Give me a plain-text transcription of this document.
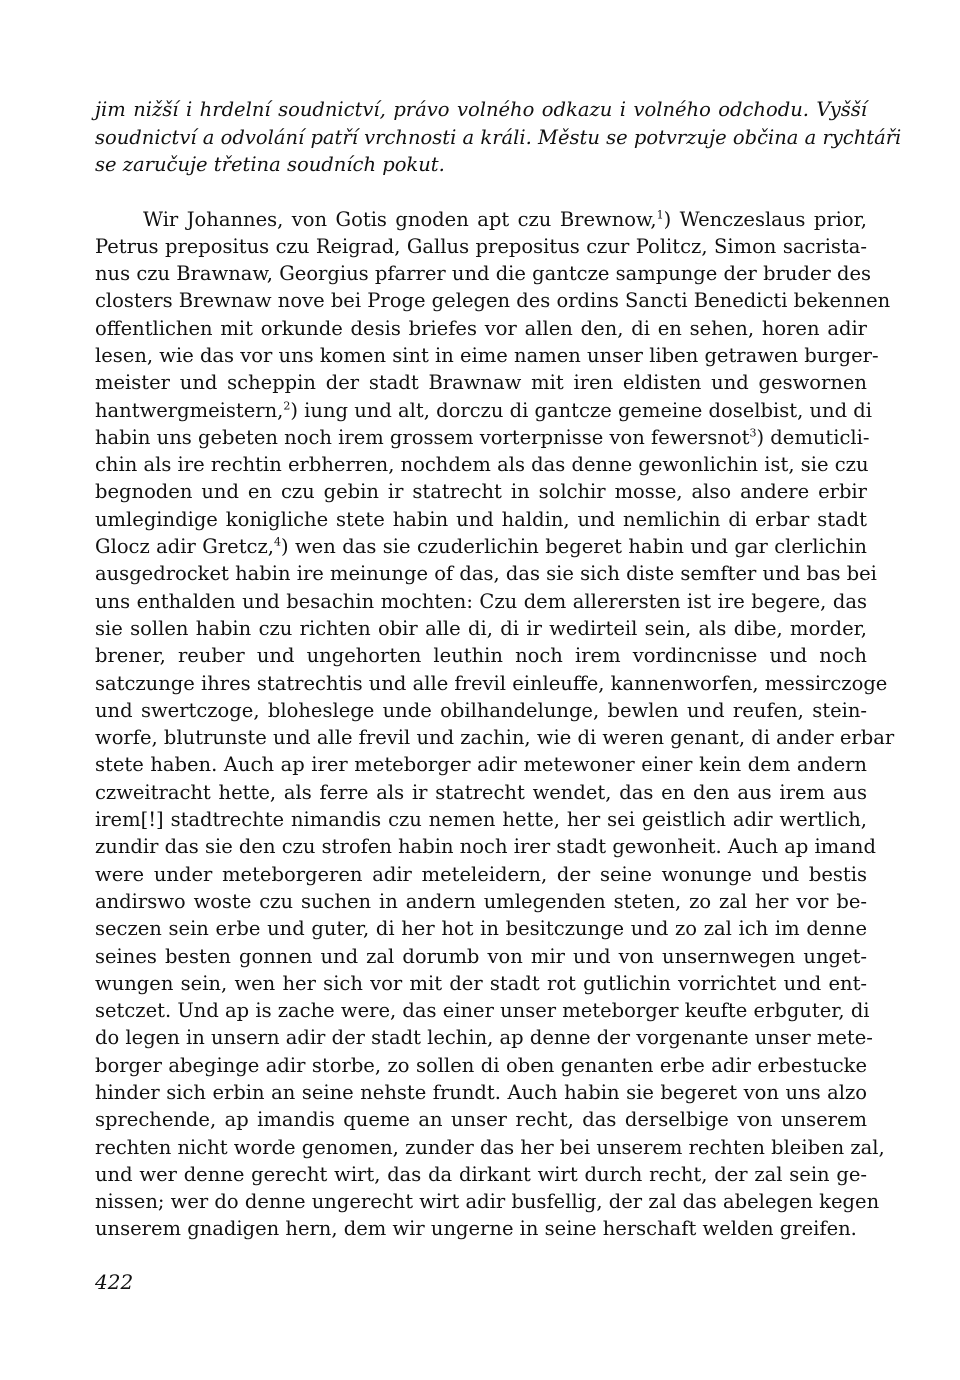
jim nižší i hrdelní soudnictví, právo volného odkazu i volného odchodu. Vyšší
soudnictví a odvolání patří vrchnosti a králi. Městu se potvrzuje občina a rychtáři
se zaručuje třetina soudních pokut.

Wir Johannes, von Gotis gnoden apt czu Brewnow,$^1$) Wenczeslaus prior,
Petrus prepositus czu Reigrad, Gallus prepositus czur Politcz, Simon sacrista-
nus czu Brawnaw, Georgius pfarrer und die gantcze sampunge der bruder des
closters Brewnaw nove bei Proge gelegen des ordins Sancti Benedicti bekennen
offentlichen mit orkunde desis briefes vor allen den, di en sehen, horen adir
lesen, wie das vor uns komen sint in eime namen unser liben getrawen burger-
meister und scheppin der stadt Brawnaw mit iren eldisten und geswornen
hantwergmeistern,$^2$) iung und alt, dorczu di gantcze gemeine doselbist, und di
habin uns gebeten noch irem grossem vorterpnisse von fewersnot$^3$) demuticli-
chin als ire rechtin erbherren, nochdem als das denne gewonlichin ist, sie czu
begnoden und en czu gebin ir statrecht in solchir mosse, also andere erbir
umlegindige konigliche stete habin und haldin, und nemlichin di erbar stadt
Glocz adir Gretcz,$^4$) wen das sie czuderlichin begeret habin und gar clerlichin
ausgedrocket habin ire meinunge of das, das sie sich diste semfter und bas bei
uns enthalden und besachin mochten: Czu dem allerersten ist ire begere, das
sie sollen habin czu richten obir alle di, di ir wedirteil sein, als dibe, morder,
brener, reuber und ungehorten leuthin noch irem vordincnisse und noch
satczunge ihres statrechtis und alle frevil einleuffe, kannenworfen, messirczoge
und swertczoge, bloheslege unde obilhandelunge, bewlen und reufen, stein-
worfe, blutrunste und alle frevil und zachin, wie di weren genant, di ander erbar
stete haben. Auch ap irer meteborger adir metewoner einer kein dem andern
czweitracht hette, als ferre als ir statrecht wendet, das en den aus irem aus
irem[!] stadtrechte nimandis czu nemen hette, her sei geistlich adir wertlich,
zundir das sie den czu strofen habin noch irer stadt gewonheit. Auch ap imand
were under meteborgeren adir meteleidern, der seine wonunge und bestis
andirswo woste czu suchen in andern umlegenden steten, zo zal her vor be-
seczen sein erbe und guter, di her hot in besitczunge und zo zal ich im denne
seines besten gonnen und zal dorumb von mir und von unsernwegen unget-
wungen sein, wen her sich vor mit der stadt rot gutlichin vorrichtet und ent-
setczet. Und ap is zache were, das einer unser meteborger keufte erbguter, di
do legen in unsern adir der stadt lechin, ap denne der vorgenante unser mete-
borger abeginge adir storbe, zo sollen di oben genanten erbe adir erbestucke
hinder sich erbin an seine nehste frundt. Auch habin sie begeret von uns alzo
sprechende, ap imandis queme an unser recht, das derselbige von unserem
rechten nicht worde genomen, zunder das her bei unserem rechten bleiben zal,
und wer denne gerecht wirt, das da dirkant wirt durch recht, der zal sein ge-
nissen; wer do denne ungerecht wirt adir busfellig, der zal das abelegen kegen
unserem gnadigen hern, dem wir ungerne in seine herschaft welden greifen.
422
